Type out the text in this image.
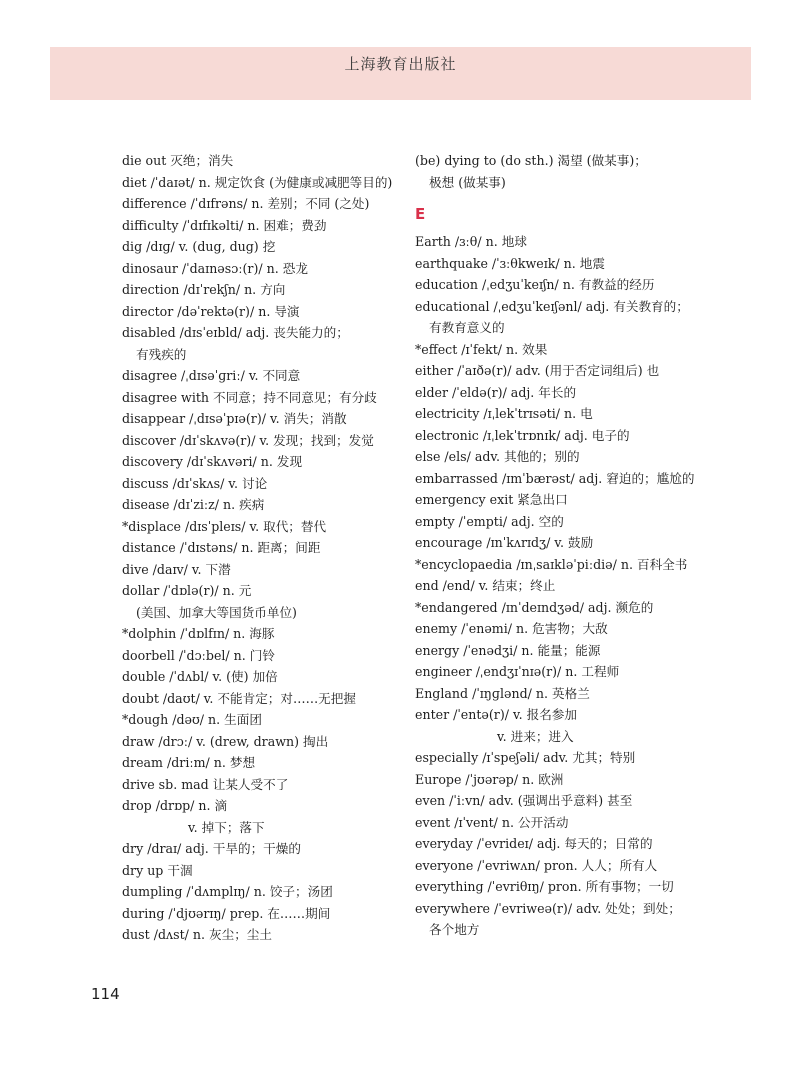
上海教育出版社

die out 灭绝；消失

diet /ˈdaɪət/ n. 规定饮食 (为健康或减肥等目的)

difference /ˈdɪfrəns/ n. 差别；不同 (之处)

difficulty /ˈdɪfɪkəlti/ n. 困难；费劲

dig /dɪɡ/ v. (dug, dug) 挖

dinosaur /ˈdaɪnəsɔː(r)/ n. 恐龙

direction /dɪˈrekʃn/ n. 方向

director /dəˈrektə(r)/ n. 导演

disabled /dɪsˈeɪbld/ adj. 丧失能力的；
有残疾的

disagree /ˌdɪsəˈɡriː/ v. 不同意

disagree with 不同意；持不同意见；有分歧

disappear /ˌdɪsəˈpɪə(r)/ v. 消失；消散

discover /dɪˈskʌvə(r)/ v. 发现；找到；发觉

discovery /dɪˈskʌvəri/ n. 发现

discuss /dɪˈskʌs/ v. 讨论

disease /dɪˈziːz/ n. 疾病

*displace /dɪsˈpleɪs/ v. 取代；替代

distance /ˈdɪstəns/ n. 距离；间距

dive /daɪv/ v. 下潜

dollar /ˈdɒlə(r)/ n. 元
(美国、加拿大等国货币单位)

*dolphin /ˈdɒlfɪn/ n. 海豚

doorbell /ˈdɔːbel/ n. 门铃

double /ˈdʌbl/ v. (使) 加倍

doubt /daʊt/ v. 不能肯定；对……无把握

*dough /dəʊ/ n. 生面团

draw /drɔː/ v. (drew, drawn) 掏出

dream /driːm/ n. 梦想

drive sb. mad 让某人受不了

drop /drɒp/ n. 滴
v. 掉下；落下

dry /draɪ/ adj. 干旱的；干燥的

dry up 干涸

dumpling /ˈdʌmplɪŋ/ n. 饺子；汤团

during /ˈdjʊərɪŋ/ prep. 在……期间

dust /dʌst/ n. 灰尘；尘土

(be) dying to (do sth.) 渴望 (做某事)；
极想 (做某事)

E

Earth /ɜːθ/ n. 地球

earthquake /ˈɜːθkweɪk/ n. 地震

education /ˌedʒuˈkeɪʃn/ n. 有教益的经历

educational /ˌedʒuˈkeɪʃənl/ adj. 有关教育的；
有教育意义的

*effect /ɪˈfekt/ n. 效果

either /ˈaɪðə(r)/ adv. (用于否定词组后) 也

elder /ˈeldə(r)/ adj. 年长的

electricity /ɪˌlekˈtrɪsəti/ n. 电

electronic /ɪˌlekˈtrɒnɪk/ adj. 电子的

else /els/ adv. 其他的；别的

embarrassed /ɪmˈbærəst/ adj. 窘迫的；尴尬的

emergency exit 紧急出口

empty /ˈempti/ adj. 空的

encourage /ɪnˈkʌrɪdʒ/ v. 鼓励

*encyclopaedia /ɪnˌsaɪkləˈpiːdiə/ n. 百科全书

end /end/ v. 结束；终止

*endangered /ɪnˈdeɪndʒəd/ adj. 濒危的

enemy /ˈenəmi/ n. 危害物；大敌

energy /ˈenədʒi/ n. 能量；能源

engineer /ˌendʒɪˈnɪə(r)/ n. 工程师

England /ˈɪŋɡlənd/ n. 英格兰

enter /ˈentə(r)/ v. 报名参加
v. 进来；进入

especially /ɪˈspeʃəli/ adv. 尤其；特别

Europe /ˈjʊərəp/ n. 欧洲

even /ˈiːvn/ adv. (强调出乎意料) 甚至

event /ɪˈvent/ n. 公开活动

everyday /ˈevrideɪ/ adj. 每天的；日常的

everyone /ˈevriwʌn/ pron. 人人；所有人

everything /ˈevriθɪŋ/ pron. 所有事物；一切

everywhere /ˈevriweə(r)/ adv. 处处；到处；
各个地方

114
